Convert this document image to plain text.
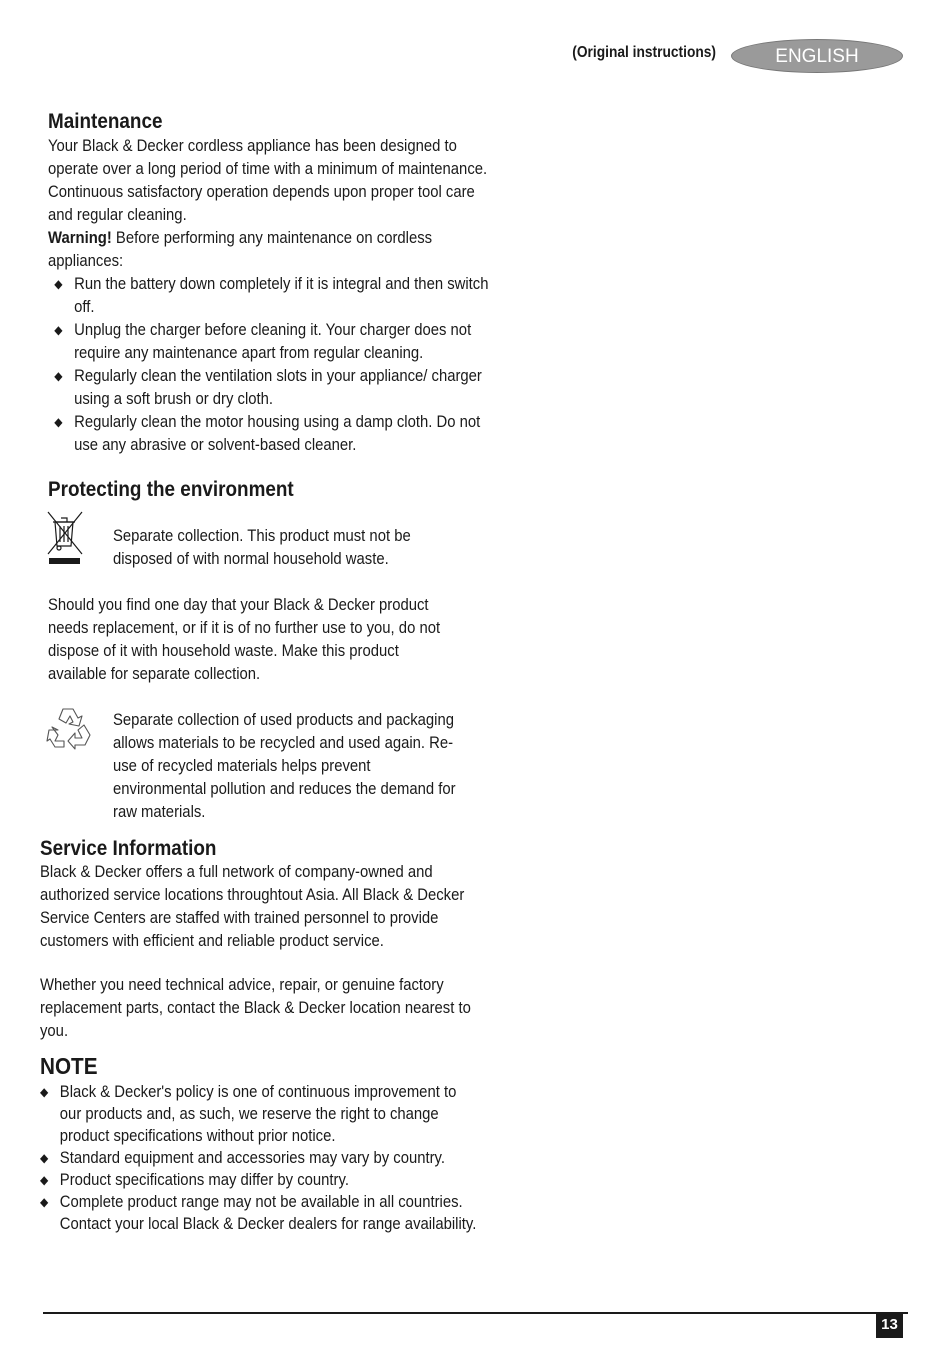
(Original instructions)	ENGLISH
Maintenance

Your Black & Decker cordless appliance has been designed to operate over a long period of time with a minimum of maintenance. Continuous satisfactory operation depends upon proper tool care and regular cleaning.

Warning! Before performing any maintenance on cordless appliances:

◆ Run the battery down completely if it is integral and then switch off.
◆ Unplug the charger before cleaning it. Your charger does not require any maintenance apart from regular cleaning.
◆ Regularly clean the ventilation slots in your appliance/ charger using a soft brush or dry cloth.
◆ Regularly clean the motor housing using a damp cloth. Do not use any abrasive or solvent-based cleaner.
Protecting the environment

Separate collection. This product must not be disposed of with normal household waste.

Should you find one day that your Black & Decker product needs replacement, or if it is of no further use to you, do not dispose of it with household waste. Make this product available for separate collection.

Separate collection of used products and packaging allows materials to be recycled and used again. Re-use of recycled materials helps prevent environmental pollution and reduces the demand for raw materials.

Service Information

Black & Decker offers a full network of company-owned and authorized service locations throughtout Asia. All Black & Decker Service Centers are staffed with trained personnel to provide customers with efficient and reliable product service.

Whether you need technical advice, repair, or genuine factory replacement parts, contact the Black & Decker location nearest to you.

NOTE
◆ Black & Decker's policy is one of continuous improvement to our products and, as such, we reserve the right to change product specifications without prior notice.
◆ Standard equipment and accessories may vary by country.
◆ Product specifications may differ by country.
◆ Complete product range may not be available in all countries. Contact your local Black & Decker dealers for range availability.
13
